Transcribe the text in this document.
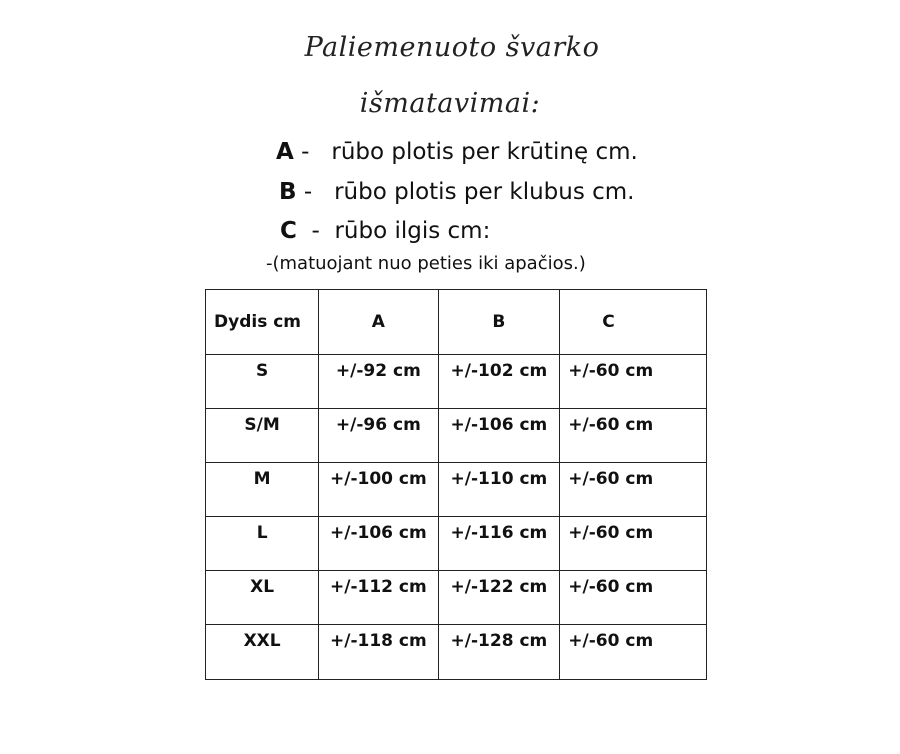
Paliemenuoto švarko
išmatavimai:
A -   rūbo plotis per krūtinę cm.
B -   rūbo plotis per klubus cm.
C  -  rūbo ilgis cm:
-(matuojant nuo peties iki apačios.)
Dydis cm	A	B	C

S	+/-92 cm	+/-102 cm	+/-60 cm

S/M	+/-96 cm	+/-106 cm	+/-60 cm

M	+/-100 cm	+/-110 cm	+/-60 cm

L	+/-106 cm	+/-116 cm	+/-60 cm

XL	+/-112 cm	+/-122 cm	+/-60 cm

XXL	+/-118 cm	+/-128 cm	+/-60 cm
